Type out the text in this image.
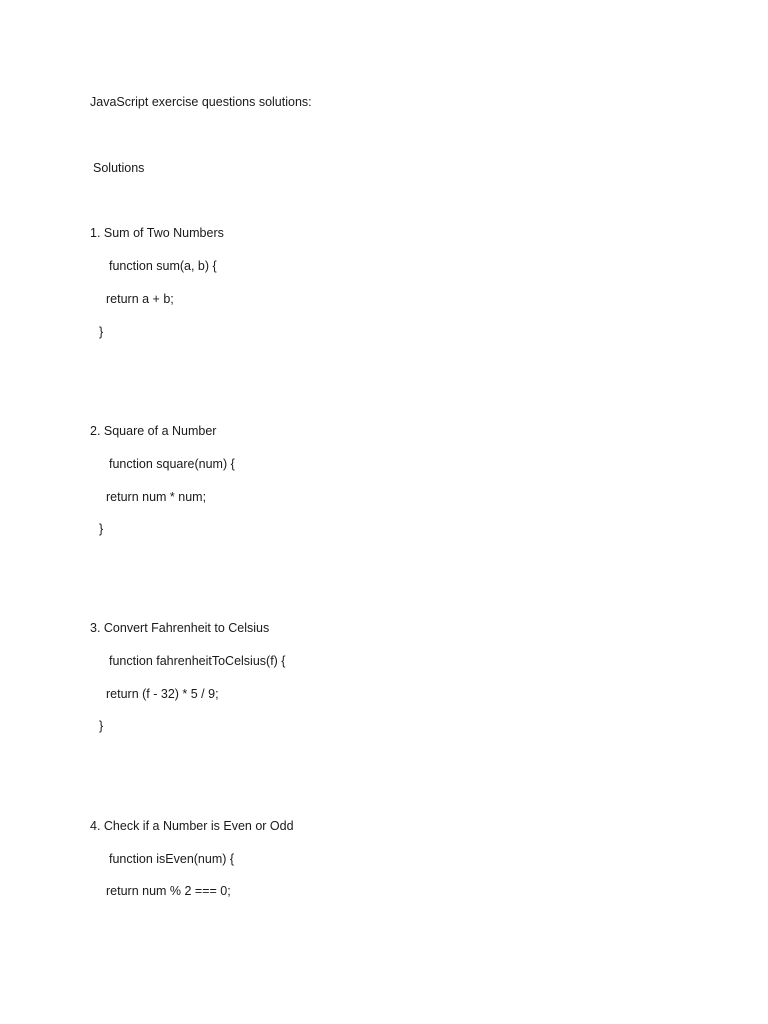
JavaScript exercise questions solutions:
Solutions
1. Sum of Two Numbers
function sum(a, b) {
return a + b;
}
2. Square of a Number
function square(num) {
return num * num;
}
3. Convert Fahrenheit to Celsius
function fahrenheitToCelsius(f) {
return (f - 32) * 5 / 9;
}
4. Check if a Number is Even or Odd
function isEven(num) {
return num % 2 === 0;
